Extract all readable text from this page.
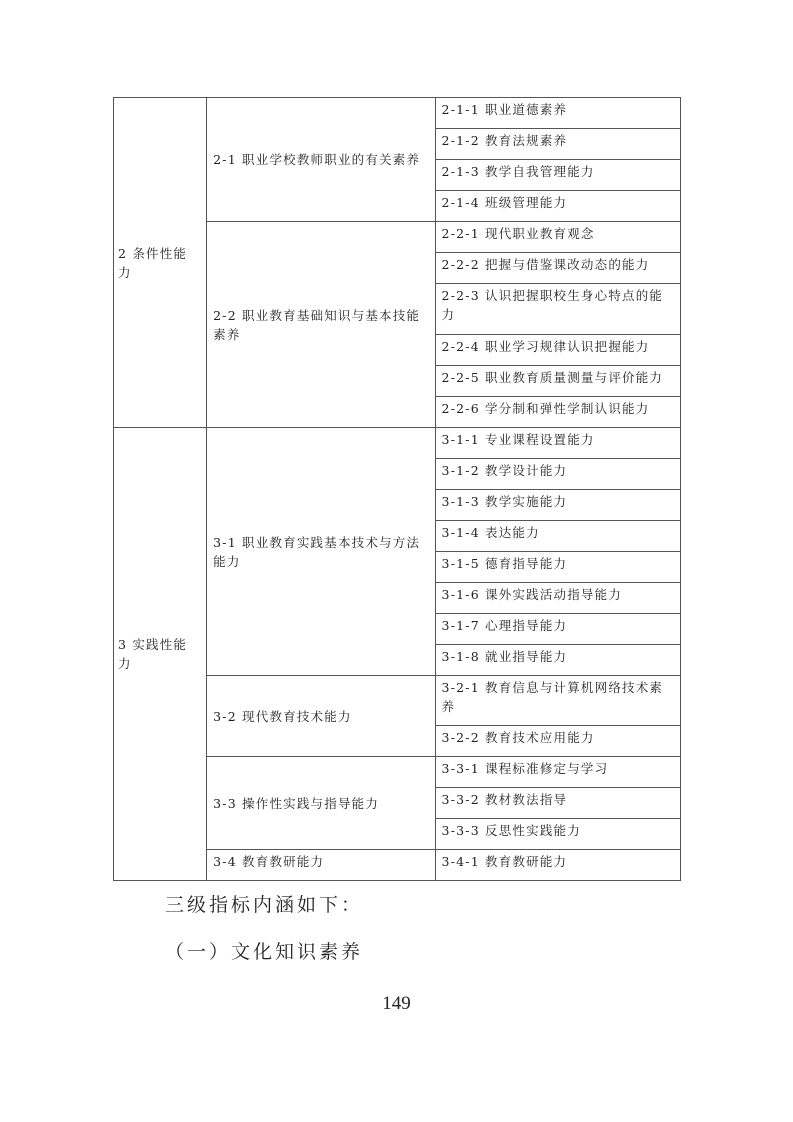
2 条件性能力	2-1 职业学校教师职业的有关素养	2-1-1 职业道德素养
		2-1-2 教育法规素养
		2-1-3 教学自我管理能力
		2-1-4 班级管理能力
	2-2 职业教育基础知识与基本技能素养	2-2-1 现代职业教育观念
		2-2-2 把握与借鉴课改动态的能力
		2-2-3 认识把握职校生身心特点的能力
		2-2-4 职业学习规律认识把握能力
		2-2-5 职业教育质量测量与评价能力
		2-2-6 学分制和弹性学制认识能力
3 实践性能力	3-1 职业教育实践基本技术与方法能力	3-1-1 专业课程设置能力
		3-1-2 教学设计能力
		3-1-3 教学实施能力
		3-1-4 表达能力
		3-1-5 德育指导能力
		3-1-6 课外实践活动指导能力
		3-1-7 心理指导能力
		3-1-8 就业指导能力
	3-2 现代教育技术能力	3-2-1 教育信息与计算机网络技术素养
		3-2-2 教育技术应用能力
	3-3 操作性实践与指导能力	3-3-1 课程标准修定与学习
		3-3-2 教材教法指导
		3-3-3 反思性实践能力
	3-4 教育教研能力	3-4-1 教育教研能力
三级指标内涵如下：
（一）文化知识素养
149
